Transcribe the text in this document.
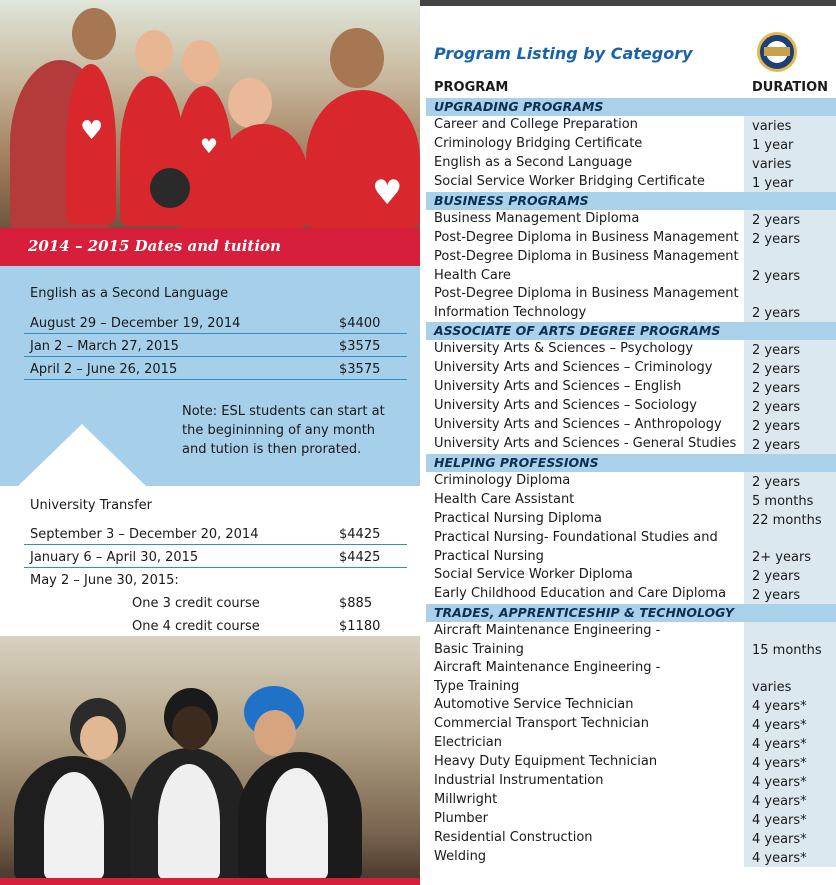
♥	♥
♥
2014 – 2015 Dates and tuition
English as a Second Language
August 29 – December 19, 2014	$4400
Jan 2 – March 27, 2015	$3575
April 2 – June 26, 2015	$3575
Note: ESL students can start at the begininning of any month and tution is then prorated.
University Transfer
September 3 – December 20, 2014	$4425
January 6 – April 30, 2015	$4425
May 2 – June 30, 2015:
One 3 credit course	$885
One 4 credit course	$1180
Program Listing by Category
PROGRAM	DURATION
UPGRADING PROGRAMS
Career and College Preparation	varies
Criminology Bridging Certificate	1 year
English as a Second Language	varies
Social Service Worker Bridging Certificate	1 year
BUSINESS PROGRAMS
Business Management Diploma	2 years
Post-Degree Diploma in Business Management	2 years
Post-Degree Diploma in Business Management
Health Care	2 years
Post-Degree Diploma in Business Management
Information Technology	2 years
ASSOCIATE OF ARTS DEGREE PROGRAMS
University Arts & Sciences – Psychology	2 years
University Arts and Sciences – Criminology	2 years
University Arts and Sciences – English	2 years
University Arts and Sciences – Sociology	2 years
University Arts and Sciences – Anthropology	2 years
University Arts and Sciences - General Studies	2 years
HELPING PROFESSIONS
Criminology Diploma	2 years
Health Care Assistant	5 months
Practical Nursing Diploma	22 months
Practical Nursing- Foundational Studies and
Practical Nursing	2+ years
Social Service Worker Diploma	2 years
Early Childhood Education and Care Diploma	2 years
TRADES, APPRENTICESHIP & TECHNOLOGY
Aircraft Maintenance Engineering -
Basic Training	15 months
Aircraft Maintenance Engineering -
Type Training	varies
Automotive Service Technician	4 years*
Commercial Transport Technician	4 years*
Electrician	4 years*
Heavy Duty Equipment Technician	4 years*
Industrial Instrumentation	4 years*
Millwright	4 years*
Plumber	4 years*
Residential Construction	4 years*
Welding	4 years*
